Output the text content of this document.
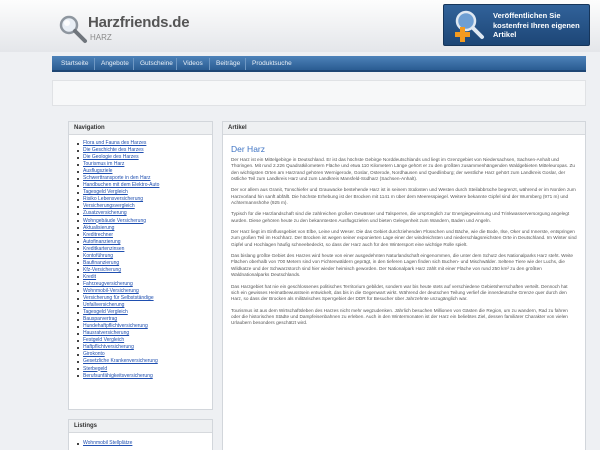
Harzfriends.de
HARZ
Veröffentlichen Sie kostenfrei Ihren eigenen Artikel
Startseite	Angebote	Gutscheine	Videos	Beiträge	Produktsuche
Navigation
Flora und Fauna des Harzes
Die Geschichte des Harzes
Die Geologie des Harzes
Tourismus im Harz
Ausflugsziele
Schwerttransporte in den Harz
Handbuchen mit dem Elektro-Auto
Tagesgeld Vergleich
Risiko Lebensversicherung
Versicherungsvergleich
Zusatzversicherung
Wohngebäude Versicherung
Aktualisierung
Kreditrechner
Autofinanzierung
Kreditkartenzinsen
Kontoführung
Baufinanzierung
Kfz-Versicherung
Kredit
Fahrzeugversicherung
Wohnmobil-Versicherung
Versicherung für Selbstständige
Unfallversicherung
Tagesgeld Vergleich
Bausparvertrag
Hundehaftpflichtversicherung
Hausratversicherung
Festgeld Vergleich
Haftpflichtversicherung
Girokonto
Gesetzliche Krankenversicherung
Sterbegeld
Berufsunfähigkeitsversicherung
Listings
Wohnmobil Stellplätze
Artikel
Der Harz

Der Harz ist ein Mittelgebirge in Deutschland. Er ist das höchste Gebirge Norddeutschlands und liegt im Grenzgebiet von Niedersachsen, Sachsen-Anhalt und Thüringen. Mit rund 2.226 Quadratkilometern Fläche und etwa 110 Kilometern Länge gehört er zu den größten zusammenhängenden Waldgebieten Mitteleuropas. Zu den wichtigsten Orten am Harzrand gehören Wernigerode, Goslar, Osterode, Nordhausen und Quedlinburg; der westliche Harz gehört zum Landkreis Goslar, der östliche Teil zum Landkreis Harz und zum Landkreis Mansfeld-Südharz (Sachsen-Anhalt).

Der vor allem aus Granit, Tonschiefer und Grauwacke bestehende Harz ist in seinem Südosten und Westen durch Steilabbrüche begrenzt, während er im Norden zum Harzvorland hin sanft abfällt. Die höchste Erhebung ist der Brocken mit 1141 m über dem Meeresspiegel. Weitere bekannte Gipfel sind der Wurmberg (971 m) und Achtermannshöhe (925 m).

Typisch für die Harzlandschaft sind die zahlreichen großen Gewässer und Talsperren, die ursprünglich zur Energiegewinnung und Trinkwasserversorgung angelegt wurden. Diese gehören heute zu den bekanntesten Ausflugszielen und bieten Gelegenheit zum Wandern, Baden und Angeln.

Der Harz liegt im Einflussgebiet von Elbe, Leine und Weser. Die das Gebiet durchziehenden Flüsschen und Bäche, wie die Bode, Ilse, Oker und Innerste, entspringen zum großen Teil im Hochharz. Der Brocken ist wegen seiner exponierten Lage einer der windreichsten und niederschlagsreichsten Orte in Deutschland. Im Winter sind Gipfel und Hochlagen häufig schneebedeckt, so dass der Harz auch für den Wintersport eine wichtige Rolle spielt.

Das bislang größte Gebiet des Harzes wird heute von einer ausgedehnten Naturlandschaft eingenommen, die unter dem Schutz des Nationalparks Harz steht. Weite Flächen oberhalb von 700 Metern sind von Fichtenwäldern geprägt, in den tieferen Lagen finden sich Buchen- und Mischwälder. Seltene Tiere wie der Luchs, die Wildkatze und der Schwarzstorch sind hier wieder heimisch geworden. Der Nationalpark Harz zählt mit einer Fläche von rund 250 km² zu den größten Waldnationalparks Deutschlands.

Das Harzgebiet hat nie ein geschlossenes politisches Territorium gebildet, sondern war bis heute stets auf verschiedene Gebietsherrschaften verteilt. Dennoch hat sich ein gewisses Heimatbewusstsein entwickelt, das bis in die Gegenwart wirkt. Während der deutschen Teilung verlief die innerdeutsche Grenze quer durch den Harz, so dass der Brocken als militärisches Sperrgebiet der DDR für Besucher über Jahrzehnte unzugänglich war.

Tourismus ist aus dem Wirtschaftsleben des Harzes nicht mehr wegzudenken. Jährlich besuchen Millionen von Gästen die Region, um zu wandern, Rad zu fahren oder die historischen Städte und Dampfeisenbahnen zu erleben. Auch in den Wintermonaten ist der Harz ein beliebtes Ziel, dessen familiärer Charakter von vielen Urlaubern besonders geschätzt wird.
